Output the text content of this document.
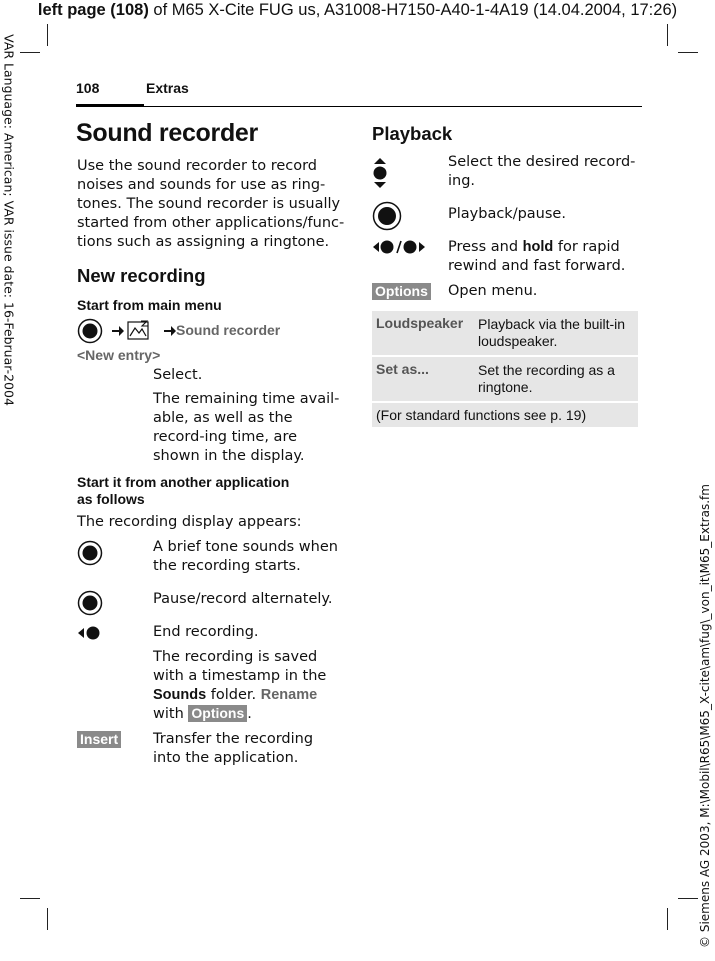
left page (108) of M65 X-Cite FUG us, A31008-H7150-A40-1-4A19 (14.04.2004, 17:26)
VAR Language: American; VAR issue date: 16-Februar-2004
© Siemens AG 2003, M:\Mobil\R65\M65_X-cite\am\fug\_von_it\M65_Extras.fm
108	Extras
Sound recorder
Use the sound recorder to record noises and sounds for use as ring-tones. The sound recorder is usually started from other applications/func-tions such as assigning a ringtone.
New recording
Start from main menu
Sound recorder
<New entry>
Select.
The remaining time avail-able, as well as the record-ing time, are shown in the display.
Start it from another application
as follows
The recording display appears:
A brief tone sounds when the recording starts.
Pause/record alternately.
End recording.
The recording is saved with a timestamp in the Sounds folder. Rename
with Options .
Insert Transfer the recording into the application.
Playback
Select the desired record-ing.
Playback/pause.
Press and hold for rapid rewind and fast forward.
Options Open menu.
Loudspeaker Playback via the built-in loudspeaker.
Set as...	Set the recording as a ringtone.
(For standard functions see p. 19)
